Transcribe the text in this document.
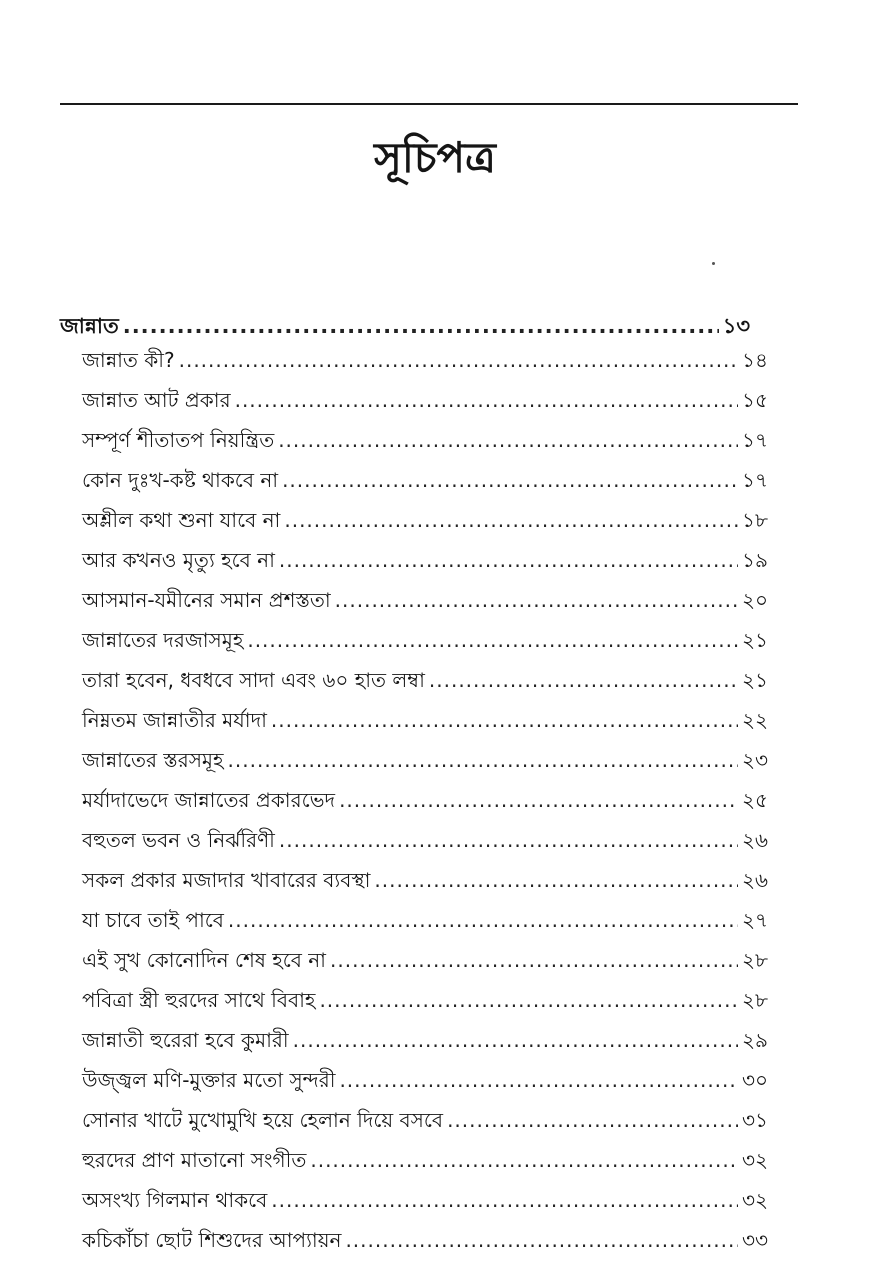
সূচিপত্র
জান্নাত .....	১৩
জান্নাত কী? .....	১৪
জান্নাত আট প্রকার .....	১৫
সম্পূর্ণ শীতাতপ নিয়ন্ত্রিত .....	১৭
কোন দুঃখ-কষ্ট থাকবে না .....	১৭
অশ্লীল কথা শুনা যাবে না .....	১৮
আর কখনও মৃত্যু হবে না .....	১৯
আসমান-যমীনের সমান প্রশস্ততা .....	২০
জান্নাতের দরজাসমূহ .....	২১
তারা হবেন, ধবধবে সাদা এবং ৬০ হাত লম্বা .....	২১
নিম্নতম জান্নাতীর মর্যাদা .....	২২
জান্নাতের স্তরসমূহ .....	২৩
মর্যাদাভেদে জান্নাতের প্রকারভেদ .....	২৫
বহুতল ভবন ও নির্ঝরিণী .....	২৬
সকল প্রকার মজাদার খাবারের ব্যবস্থা .....	২৬
যা চাবে তাই পাবে .....	২৭
এই সুখ কোনোদিন শেষ হবে না .....	২৮
পবিত্রা স্ত্রী হুরদের সাথে বিবাহ .....	২৮
জান্নাতী হুরেরা হবে কুমারী .....	২৯
উজ্জ্বল মণি-মুক্তার মতো সুন্দরী .....	৩০
সোনার খাটে মুখোমুখি হয়ে হেলান দিয়ে বসবে .....	৩১
হুরদের প্রাণ মাতানো সংগীত .....	৩২
অসংখ্য গিলমান থাকবে .....	৩২
কচিকাঁচা ছোট শিশুদের আপ্যায়ন .....	৩৩
